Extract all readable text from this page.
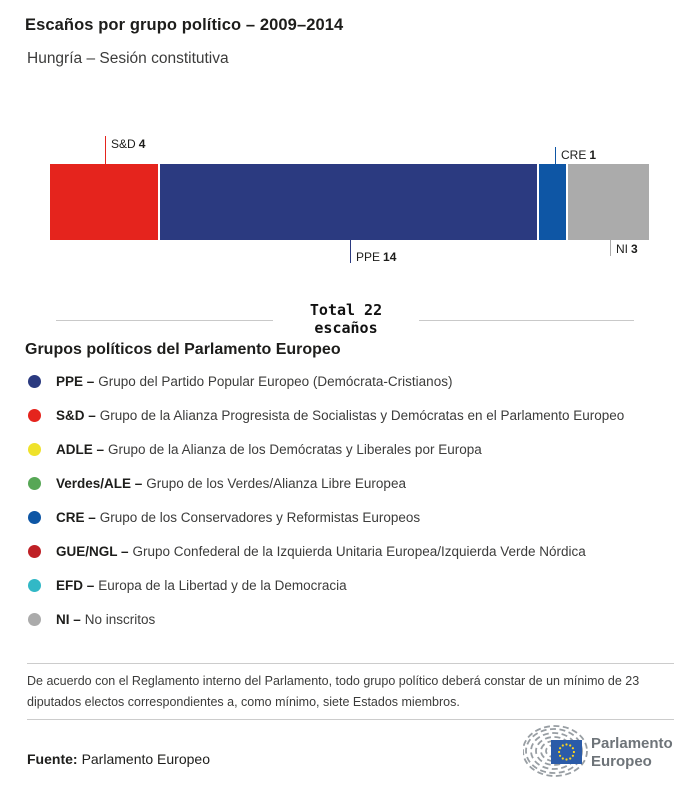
Escaños por grupo político – 2009–2014
Hungría – Sesión constitutiva
S&D 4
CRE 1
PPE 14
NI 3
Total 22
escaños
Grupos políticos del Parlamento Europeo
PPE – Grupo del Partido Popular Europeo (Demócrata-Cristianos)
S&D – Grupo de la Alianza Progresista de Socialistas y Demócratas en el Parlamento Europeo
ADLE – Grupo de la Alianza de los Demócratas y Liberales por Europa
Verdes/ALE – Grupo de los Verdes/Alianza Libre Europea
CRE – Grupo de los Conservadores y Reformistas Europeos
GUE/NGL – Grupo Confederal de la Izquierda Unitaria Europea/Izquierda Verde Nórdica
EFD – Europa de la Libertad y de la Democracia
NI – No inscritos
De acuerdo con el Reglamento interno del Parlamento, todo grupo político deberá constar de un mínimo de 23
diputados electos correspondientes a, como mínimo, siete Estados miembros.
Fuente: Parlamento Europeo
Parlamento
Europeo
